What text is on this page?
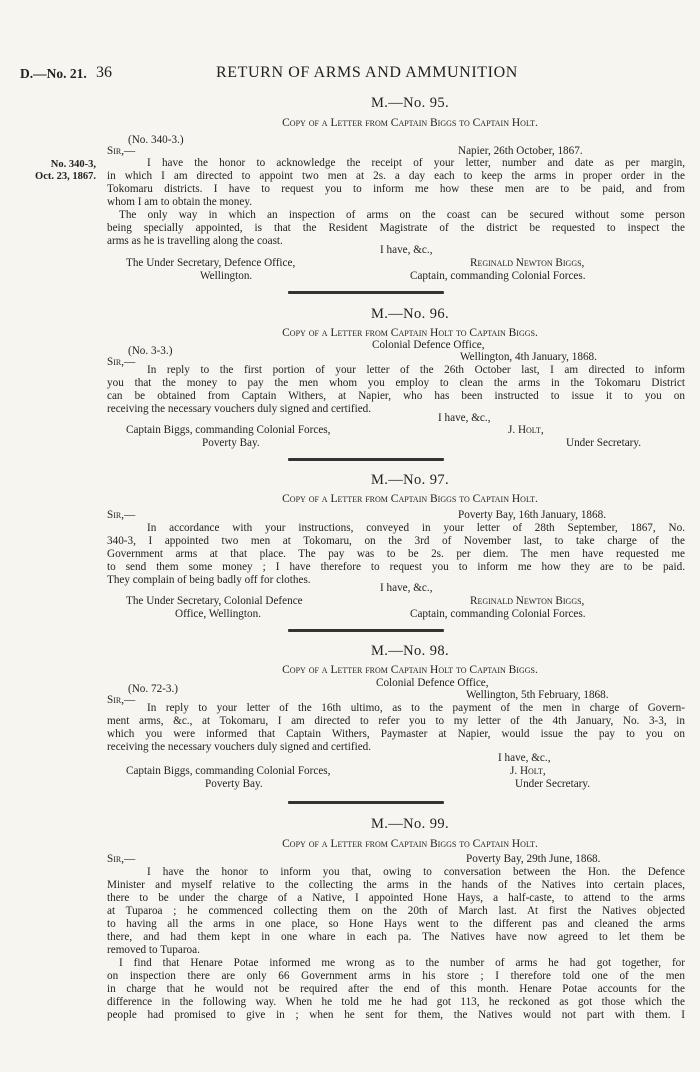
D.—No. 21. 36	RETURN OF ARMS AND AMMUNITION
M.—No. 95.
Copy of a Letter from Captain Biggs to Captain Holt.
(No. 340-3.)
Napier, 26th October, 1867.
Sir,—
No. 340-3,
Oct. 23, 1867.
I have the honor to acknowledge the receipt of your letter, number and date as per margin,
in which I am directed to appoint two men at 2s. a day each to keep the arms in proper order in the
Tokomaru districts. I have to request you to inform me how these men are to be paid, and from
whom I am to obtain the money.
The only way in which an inspection of arms on the coast can be secured without some person
being specially appointed, is that the Resident Magistrate of the district be requested to inspect the
arms as he is travelling along the coast.
I have, &c.,
The Under Secretary, Defence Office,
Wellington.
Reginald Newton Biggs,
Captain, commanding Colonial Forces.
M.—No. 96.
Copy of a Letter from Captain Holt to Captain Biggs.
(No. 3-3.)	Colonial Defence Office,
Wellington, 4th January, 1868.
Sir,—
In reply to the first portion of your letter of the 26th October last, I am directed to inform
you that the money to pay the men whom you employ to clean the arms in the Tokomaru District
can be obtained from Captain Withers, at Napier, who has been instructed to issue it to you on
receiving the necessary vouchers duly signed and certified.
I have, &c.,
Captain Biggs, commanding Colonial Forces,
Poverty Bay.
J. Holt,
Under Secretary.
M.—No. 97.
Copy of a Letter from Captain Biggs to Captain Holt.
Poverty Bay, 16th January, 1868.
Sir,—
In accordance with your instructions, conveyed in your letter of 28th September, 1867, No.
340-3, I appointed two men at Tokomaru, on the 3rd of November last, to take charge of the
Government arms at that place. The pay was to be 2s. per diem. The men have requested me
to send them some money ; I have therefore to request you to inform me how they are to be paid.
They complain of being badly off for clothes.
I have, &c.,
The Under Secretary, Colonial Defence
Office, Wellington.
Reginald Newton Biggs,
Captain, commanding Colonial Forces.
M.—No. 98.
Copy of a Letter from Captain Holt to Captain Biggs.
(No. 72-3.)	Colonial Defence Office,
Wellington, 5th February, 1868.
Sir,—
In reply to your letter of the 16th ultimo, as to the payment of the men in charge of Govern-
ment arms, &c., at Tokomaru, I am directed to refer you to my letter of the 4th January, No. 3-3, in
which you were informed that Captain Withers, Paymaster at Napier, would issue the pay to you on
receiving the necessary vouchers duly signed and certified.
I have, &c.,
Captain Biggs, commanding Colonial Forces,
Poverty Bay.
J. Holt,
Under Secretary.
M.—No. 99.
Copy of a Letter from Captain Biggs to Captain Holt.
Poverty Bay, 29th June, 1868.
Sir,—
I have the honor to inform you that, owing to conversation between the Hon. the Defence
Minister and myself relative to the collecting the arms in the hands of the Natives into certain places,
there to be under the charge of a Native, I appointed Hone Hays, a half-caste, to attend to the arms
at Tuparoa ; he commenced collecting them on the 20th of March last. At first the Natives objected
to having all the arms in one place, so Hone Hays went to the different pas and cleaned the arms
there, and had them kept in one whare in each pa. The Natives have now agreed to let them be
removed to Tuparoa.
I find that Henare Potae informed me wrong as to the number of arms he had got together, for
on inspection there are only 66 Government arms in his store ; I therefore told one of the men
in charge that he would not be required after the end of this month. Henare Potae accounts for the
difference in the following way. When he told me he had got 113, he reckoned as got those which the
people had promised to give in ; when he sent for them, the Natives would not part with them. I
